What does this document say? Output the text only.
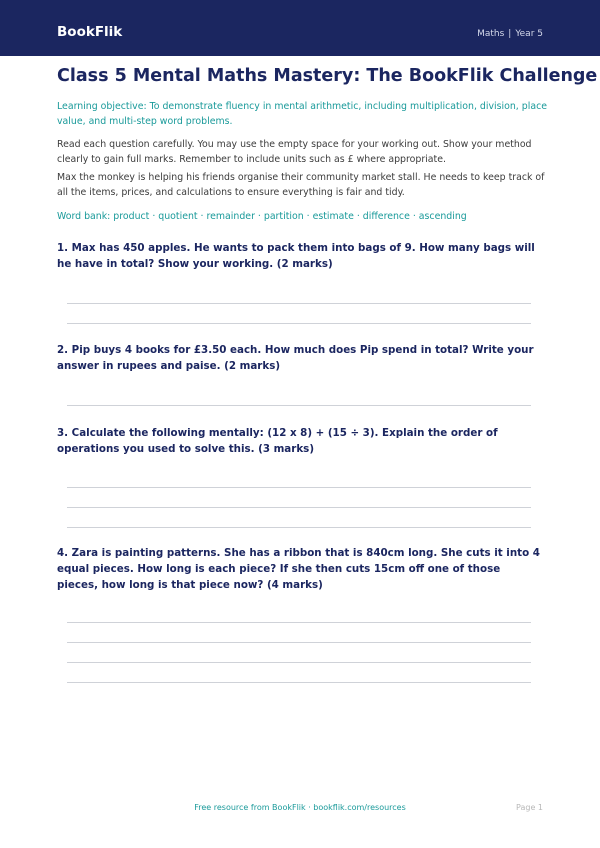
BookFlik	Maths | Year 5
Class 5 Mental Maths Mastery: The BookFlik Challenge

Learning objective: To demonstrate fluency in mental arithmetic, including multiplication, division, place value, and multi-step word problems.

Read each question carefully. You may use the empty space for your working out. Show your method clearly to gain full marks. Remember to include units such as £ where appropriate.

Max the monkey is helping his friends organise their community market stall. He needs to keep track of all the items, prices, and calculations to ensure everything is fair and tidy.

Word bank: product · quotient · remainder · partition · estimate · difference · ascending

1. Max has 450 apples. He wants to pack them into bags of 9. How many bags will he have in total? Show your working. (2 marks)

2. Pip buys 4 books for £3.50 each. How much does Pip spend in total? Write your answer in rupees and paise. (2 marks)

3. Calculate the following mentally: (12 x 8) + (15 ÷ 3). Explain the order of operations you used to solve this. (3 marks)

4. Zara is painting patterns. She has a ribbon that is 840cm long. She cuts it into 4 equal pieces. How long is each piece? If she then cuts 15cm off one of those pieces, how long is that piece now? (4 marks)

Free resource from BookFlik · bookflik.com/resources	Page 1
